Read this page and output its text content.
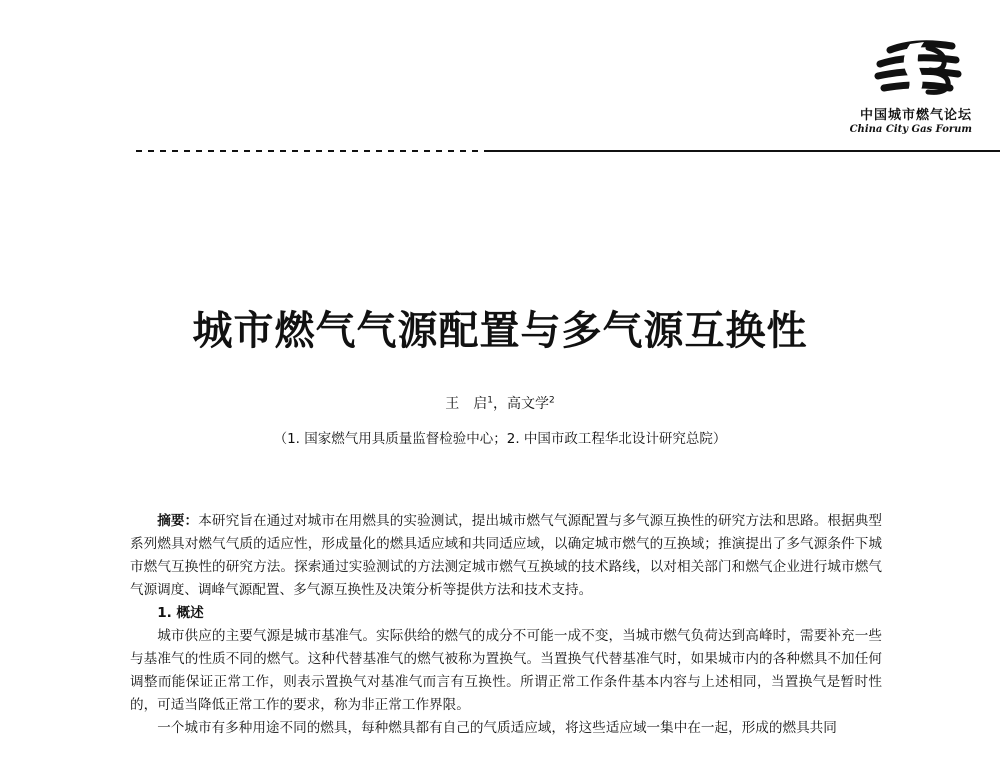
中国城市燃气论坛
China City Gas Forum
城市燃气气源配置与多气源互换性
王　启$^1$，高文学$^2$
（1. 国家燃气用具质量监督检验中心；2. 中国市政工程华北设计研究总院）

摘要：本研究旨在通过对城市在用燃具的实验测试，提出城市燃气气源配置与多气源互换性的研究方法和思路。根据典型系列燃具对燃气气质的适应性，形成量化的燃具适应域和共同适应域，以确定城市燃气的互换域；推演提出了多气源条件下城市燃气互换性的研究方法。探索通过实验测试的方法测定城市燃气互换域的技术路线，以对相关部门和燃气企业进行城市燃气气源调度、调峰气源配置、多气源互换性及决策分析等提供方法和技术支持。

1. 概述

城市供应的主要气源是城市基准气。实际供给的燃气的成分不可能一成不变，当城市燃气负荷达到高峰时，需要补充一些与基准气的性质不同的燃气。这种代替基准气的燃气被称为置换气。当置换气代替基准气时，如果城市内的各种燃具不加任何调整而能保证正常工作，则表示置换气对基准气而言有互换性。所谓正常工作条件基本内容与上述相同，当置换气是暂时性的，可适当降低正常工作的要求，称为非正常工作界限。

一个城市有多种用途不同的燃具，每种燃具都有自己的气质适应域，将这些适应域一集中在一起，形成的燃具共同
